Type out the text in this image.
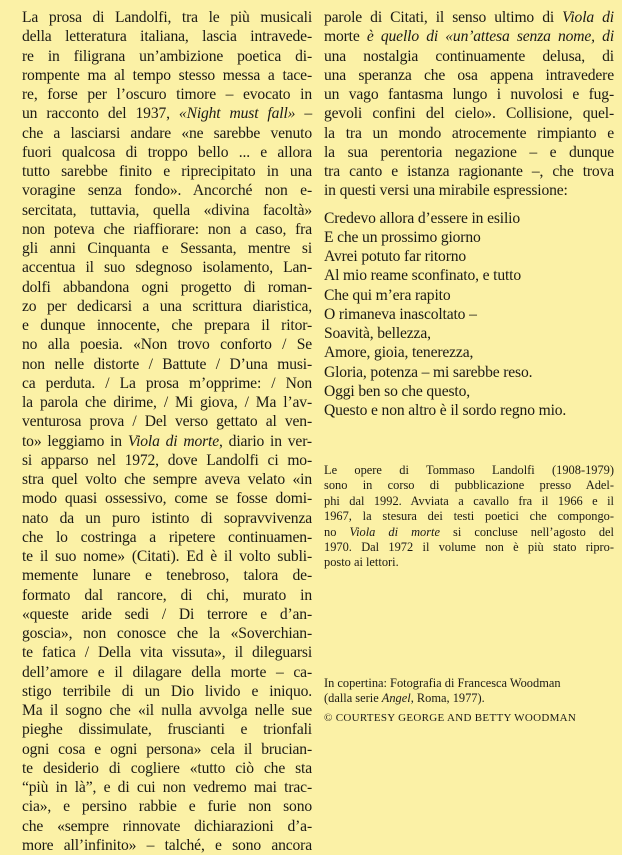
La prosa di Landolfi, tra le più musicali
della letteratura italiana, lascia intravede-
re in filigrana un’ambizione poetica di-
rompente ma al tempo stesso messa a tace-
re, forse per l’oscuro timore – evocato in
un racconto del 1937, «Night must fall» –
che a lasciarsi andare «ne sarebbe venuto
fuori qualcosa di troppo bello ... e allora
tutto sarebbe finito e riprecipitato in una
voragine senza fondo». Ancorché non e-
sercitata, tuttavia, quella «divina facoltà»
non poteva che riaffiorare: non a caso, fra
gli anni Cinquanta e Sessanta, mentre si
accentua il suo sdegnoso isolamento, Lan-
dolfi abbandona ogni progetto di roman-
zo per dedicarsi a una scrittura diaristica,
e dunque innocente, che prepara il ritor-
no alla poesia. «Non trovo conforto / Se
non nelle distorte / Battute / D’una musi-
ca perduta. / La prosa m’opprime: / Non
la parola che dirime, / Mi giova, / Ma l’av-
venturosa prova / Del verso gettato al ven-
to» leggiamo in Viola di morte, diario in ver-
si apparso nel 1972, dove Landolfi ci mo-
stra quel volto che sempre aveva velato «in
modo quasi ossessivo, come se fosse domi-
nato da un puro istinto di sopravvivenza
che lo costringa a ripetere continuamen-
te il suo nome» (Citati). Ed è il volto subli-
memente lunare e tenebroso, talora de-
formato dal rancore, di chi, murato in
«queste aride sedi / Di terrore e d’an-
goscia», non conosce che la «Soverchian-
te fatica / Della vita vissuta», il dileguarsi
dell’amore e il dilagare della morte – ca-
stigo terribile di un Dio livido e iniquo.
Ma il sogno che «il nulla avvolga nelle sue
pieghe dissimulate, fruscianti e trionfali
ogni cosa e ogni persona» cela il brucian-
te desiderio di cogliere «tutto ciò che sta
“più in là”, e di cui non vedremo mai trac-
cia», e persino rabbie e furie non sono
che «sempre rinnovate dichiarazioni d’a-
more all’infinito» – talché, e sono ancora
parole di Citati, il senso ultimo di Viola di
morte è quello di «un’attesa senza nome, di
una nostalgia continuamente delusa, di
una speranza che osa appena intravedere
un vago fantasma lungo i nuvolosi e fug-
gevoli confini del cielo». Collisione, quel-
la tra un mondo atrocemente rimpianto e
la sua perentoria negazione – e dunque
tra canto e istanza ragionante –, che trova
in questi versi una mirabile espressione:
Credevo allora d’essere in esilio
E che un prossimo giorno
Avrei potuto far ritorno
Al mio reame sconfinato, e tutto
Che qui m’era rapito
O rimaneva inascoltato –
Soavità, bellezza,
Amore, gioia, tenerezza,
Gloria, potenza – mi sarebbe reso.
Oggi ben so che questo,
Questo e non altro è il sordo regno mio.
Le opere di Tommaso Landolfi (1908-1979)
sono in corso di pubblicazione presso Adel-
phi dal 1992. Avviata a cavallo fra il 1966 e il
1967, la stesura dei testi poetici che compongo-
no Viola di morte si concluse nell’agosto del
1970. Dal 1972 il volume non è più stato ripro-
posto ai lettori.
In copertina: Fotografia di Francesca Woodman
(dalla serie Angel, Roma, 1977).
© COURTESY GEORGE AND BETTY WOODMAN
